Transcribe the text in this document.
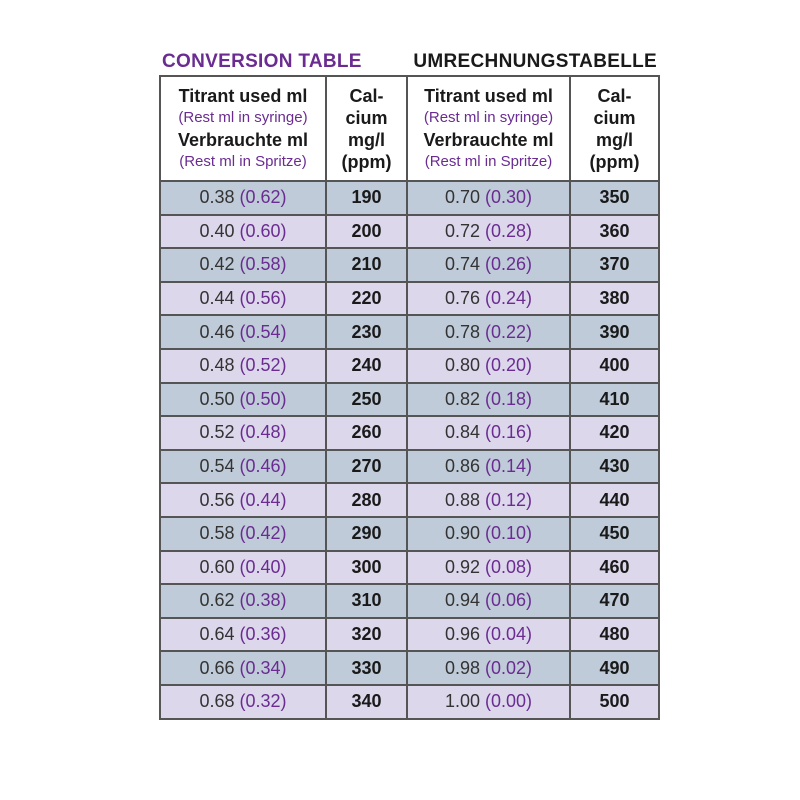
CONVERSION TABLE	UMRECHNUNGSTABELLE
Titrant used ml
(Rest ml in syringe)
Verbrauchte ml
(Rest ml in Spritze)	Cal-
cium
mg/l
(ppm)	Titrant used ml
(Rest ml in syringe)
Verbrauchte ml
(Rest ml in Spritze)	Cal-
cium
mg/l
(ppm)

0.38 (0.62)	190	0.70 (0.30)	350
0.40 (0.60)	200	0.72 (0.28)	360
0.42 (0.58)	210	0.74 (0.26)	370
0.44 (0.56)	220	0.76 (0.24)	380
0.46 (0.54)	230	0.78 (0.22)	390
0.48 (0.52)	240	0.80 (0.20)	400
0.50 (0.50)	250	0.82 (0.18)	410
0.52 (0.48)	260	0.84 (0.16)	420
0.54 (0.46)	270	0.86 (0.14)	430
0.56 (0.44)	280	0.88 (0.12)	440
0.58 (0.42)	290	0.90 (0.10)	450
0.60 (0.40)	300	0.92 (0.08)	460
0.62 (0.38)	310	0.94 (0.06)	470
0.64 (0.36)	320	0.96 (0.04)	480
0.66 (0.34)	330	0.98 (0.02)	490
0.68 (0.32)	340	1.00 (0.00)	500
